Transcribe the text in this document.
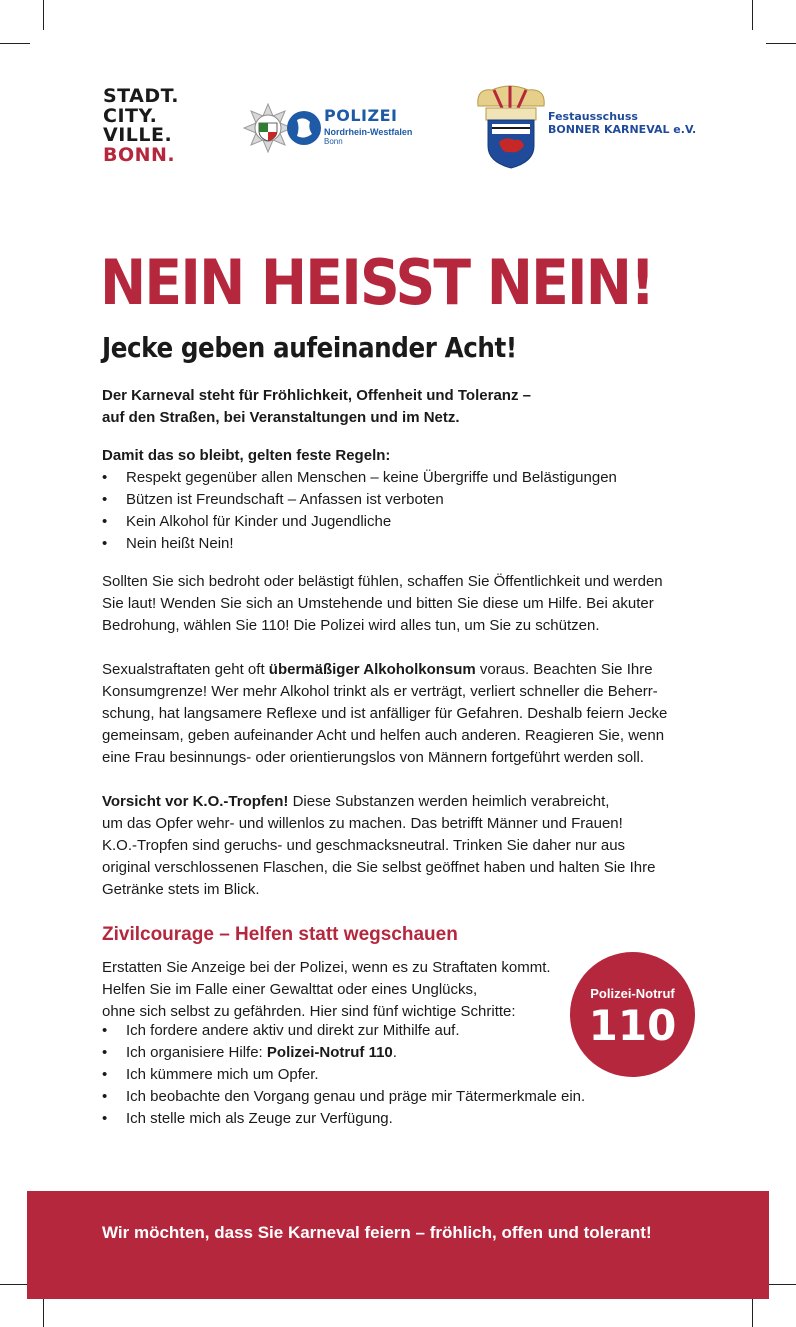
STADT.
CITY.
VILLE.
BONN.
POLIZEI
Nordrhein-Westfalen
Bonn
Festausschuss
BONNER KARNEVAL e.V.
NEIN HEISST NEIN!
Jecke geben aufeinander Acht!
Der Karneval steht für Fröhlichkeit, Offenheit und Toleranz –
auf den Straßen, bei Veranstaltungen und im Netz.
Damit das so bleibt, gelten feste Regeln:
• Respekt gegenüber allen Menschen – keine Übergriffe und Belästigungen
• Bützen ist Freundschaft – Anfassen ist verboten
• Kein Alkohol für Kinder und Jugendliche
• Nein heißt Nein!

Sollten Sie sich bedroht oder belästigt fühlen, schaffen Sie Öffentlichkeit und werden
Sie laut! Wenden Sie sich an Umstehende und bitten Sie diese um Hilfe. Bei akuter
Bedrohung, wählen Sie 110! Die Polizei wird alles tun, um Sie zu schützen.

Sexualstraftaten geht oft übermäßiger Alkoholkonsum voraus. Beachten Sie Ihre
Konsumgrenze! Wer mehr Alkohol trinkt als er verträgt, verliert schneller die Beherr-
schung, hat langsamere Reflexe und ist anfälliger für Gefahren. Deshalb feiern Jecke
gemeinsam, geben aufeinander Acht und helfen auch anderen. Reagieren Sie, wenn
eine Frau besinnungs- oder orientierungslos von Männern fortgeführt werden soll.

Vorsicht vor K.O.-Tropfen! Diese Substanzen werden heimlich verabreicht,
um das Opfer wehr- und willenlos zu machen. Das betrifft Männer und Frauen!
K.O.-Tropfen sind geruchs- und geschmacksneutral. Trinken Sie daher nur aus
original verschlossenen Flaschen, die Sie selbst geöffnet haben und halten Sie Ihre
Getränke stets im Blick.

Zivilcourage – Helfen statt wegschauen

Erstatten Sie Anzeige bei der Polizei, wenn es zu Straftaten kommt.
Helfen Sie im Falle einer Gewalttat oder eines Unglücks,
ohne sich selbst zu gefährden. Hier sind fünf wichtige Schritte:

• Ich fordere andere aktiv und direkt zur Mithilfe auf.
• Ich organisiere Hilfe: Polizei-Notruf 110.
• Ich kümmere mich um Opfer.
• Ich beobachte den Vorgang genau und präge mir Tätermerkmale ein.
• Ich stelle mich als Zeuge zur Verfügung.
Polizei-Notruf
110
Wir möchten, dass Sie Karneval feiern – fröhlich, offen und tolerant!
